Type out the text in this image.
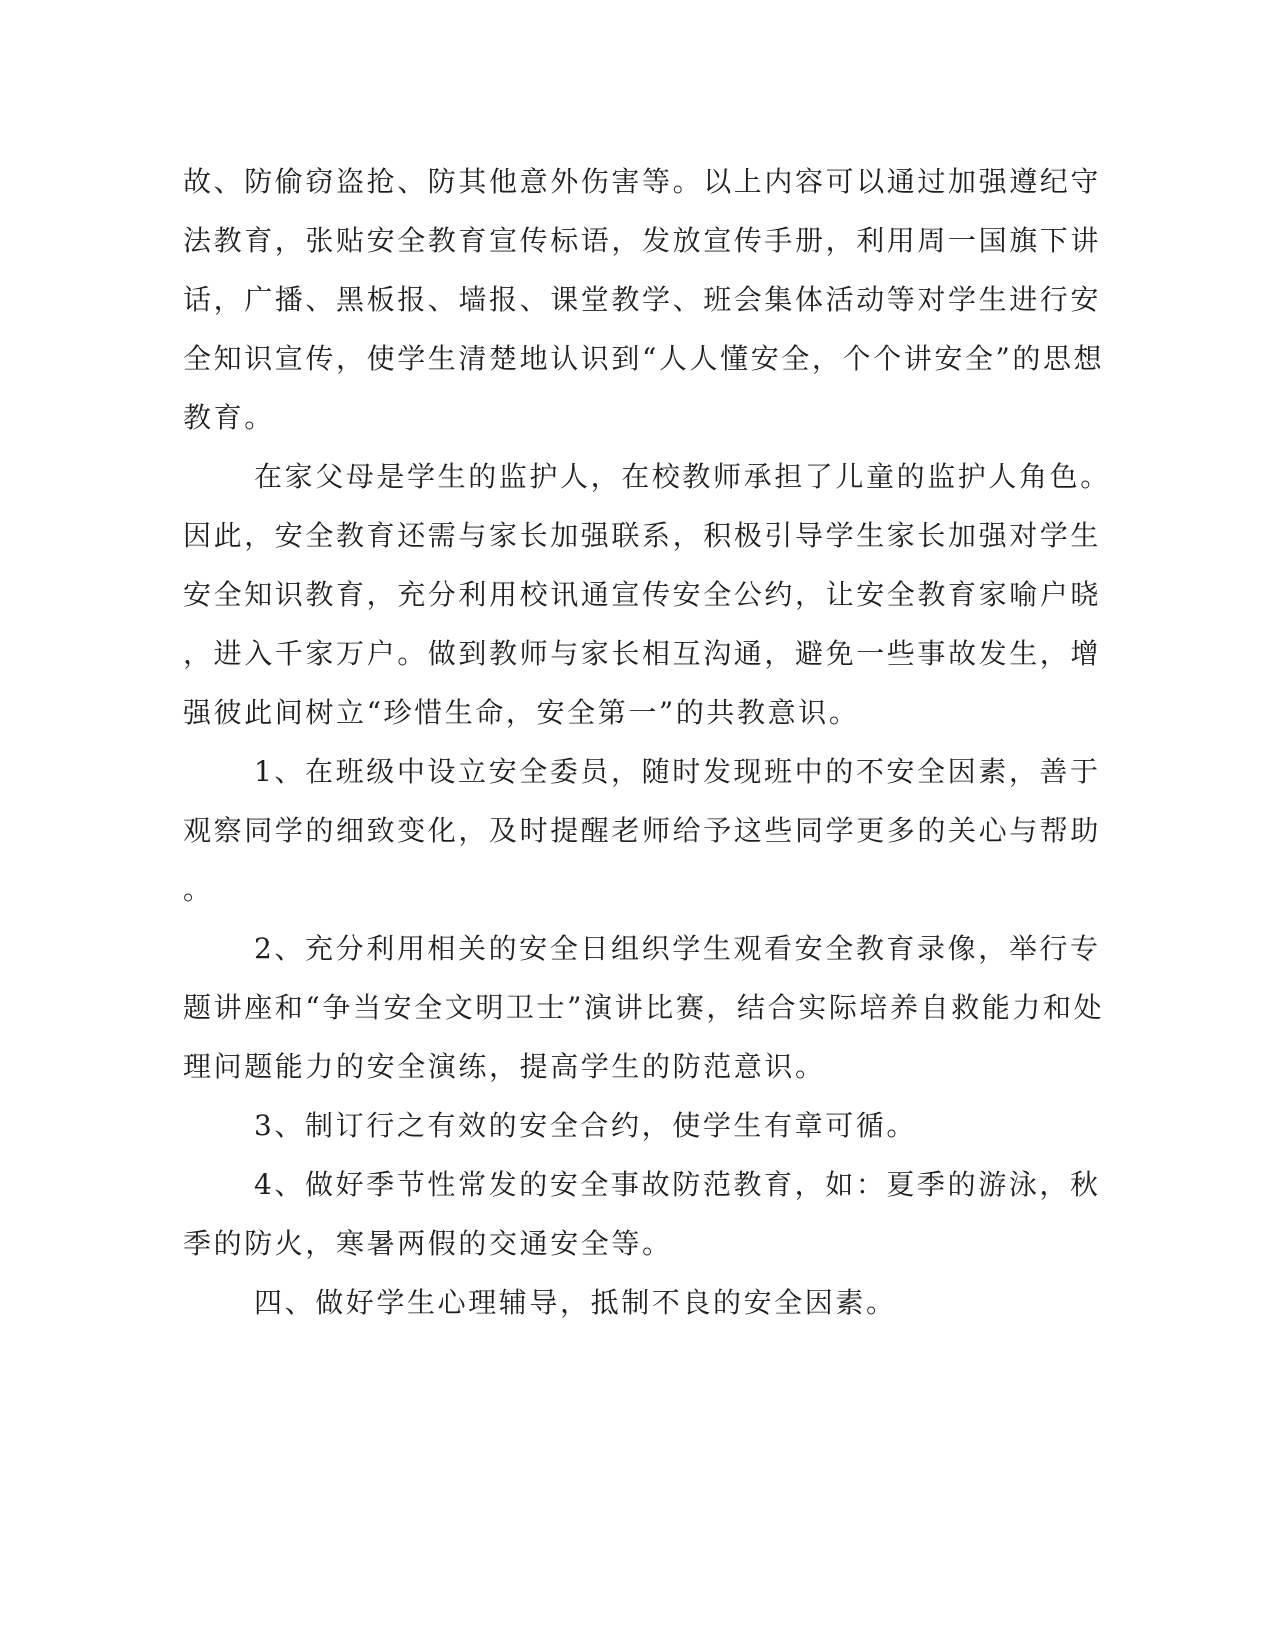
故、防偷窃盗抢、防其他意外伤害等。以上内容可以通过加强遵纪守
法教育，张贴安全教育宣传标语，发放宣传手册，利用周一国旗下讲
话，广播、黑板报、墙报、课堂教学、班会集体活动等对学生进行安
全知识宣传，使学生清楚地认识到“人人懂安全，个个讲安全”的思想
教育。
在家父母是学生的监护人，在校教师承担了儿童的监护人角色。
因此，安全教育还需与家长加强联系，积极引导学生家长加强对学生
安全知识教育，充分利用校讯通宣传安全公约，让安全教育家喻户晓
，进入千家万户。做到教师与家长相互沟通，避免一些事故发生，增
强彼此间树立“珍惜生命，安全第一”的共教意识。
1、在班级中设立安全委员，随时发现班中的不安全因素，善于
观察同学的细致变化，及时提醒老师给予这些同学更多的关心与帮助
。
2、充分利用相关的安全日组织学生观看安全教育录像，举行专
题讲座和“争当安全文明卫士”演讲比赛，结合实际培养自救能力和处
理问题能力的安全演练，提高学生的防范意识。
3、制订行之有效的安全合约，使学生有章可循。
4、做好季节性常发的安全事故防范教育，如：夏季的游泳，秋
季的防火，寒暑两假的交通安全等。
四、做好学生心理辅导，抵制不良的安全因素。
